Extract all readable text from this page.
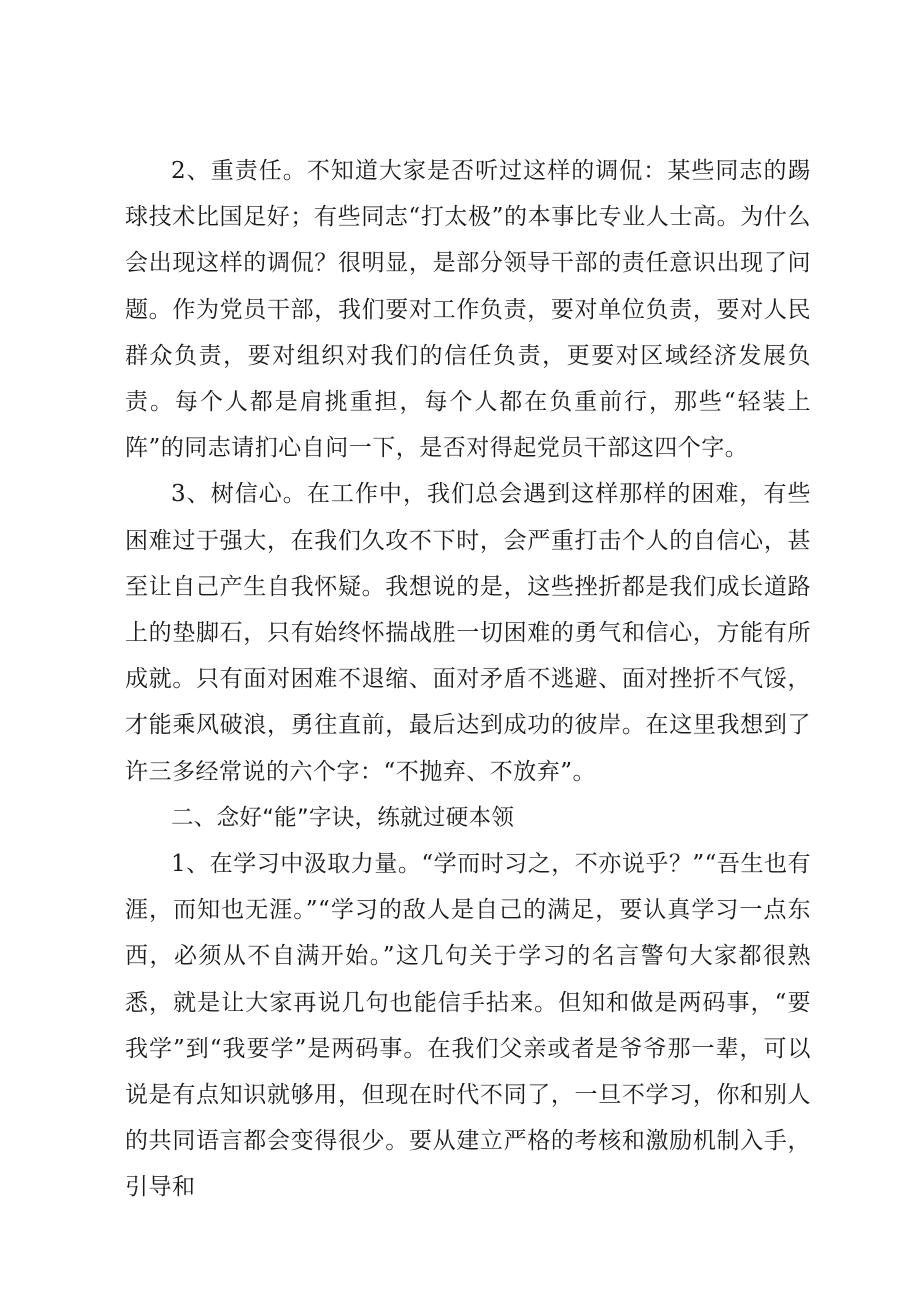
2、重责任。不知道大家是否听过这样的调侃：某些同志的踢球技术比国足好；有些同志“打太极”的本事比专业人士高。为什么会出现这样的调侃？很明显，是部分领导干部的责任意识出现了问题。作为党员干部，我们要对工作负责，要对单位负责，要对人民群众负责，要对组织对我们的信任负责，更要对区域经济发展负责。每个人都是肩挑重担，每个人都在负重前行，那些“轻装上阵”的同志请扪心自问一下，是否对得起党员干部这四个字。

3、树信心。在工作中，我们总会遇到这样那样的困难，有些困难过于强大，在我们久攻不下时，会严重打击个人的自信心，甚至让自己产生自我怀疑。我想说的是，这些挫折都是我们成长道路上的垫脚石，只有始终怀揣战胜一切困难的勇气和信心，方能有所成就。只有面对困难不退缩、面对矛盾不逃避、面对挫折不气馁，才能乘风破浪，勇往直前，最后达到成功的彼岸。在这里我想到了许三多经常说的六个字：“不抛弃、不放弃”。

二、念好“能”字诀，练就过硬本领

1、在学习中汲取力量。“学而时习之，不亦说乎？”“吾生也有涯，而知也无涯。”“学习的敌人是自己的满足，要认真学习一点东西，必须从不自满开始。”这几句关于学习的名言警句大家都很熟悉，就是让大家再说几句也能信手拈来。但知和做是两码事，“要我学”到“我要学”是两码事。在我们父亲或者是爷爷那一辈，可以说是有点知识就够用，但现在时代不同了，一旦不学习，你和别人的共同语言都会变得很少。要从建立严格的考核和激励机制入手，引导和
